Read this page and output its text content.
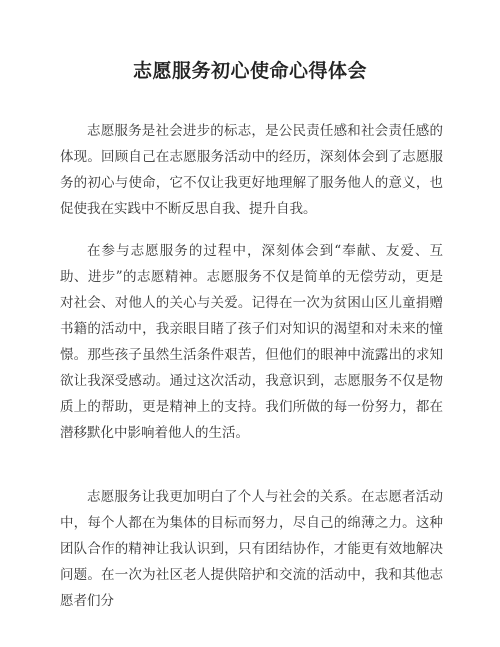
志愿服务初心使命心得体会

志愿服务是社会进步的标志，是公民责任感和社会责任感的体现。回顾自己在志愿服务活动中的经历，深刻体会到了志愿服务的初心与使命，它不仅让我更好地理解了服务他人的意义，也促使我在实践中不断反思自我、提升自我。

在参与志愿服务的过程中，深刻体会到“奉献、友爱、互助、进步”的志愿精神。志愿服务不仅是简单的无偿劳动，更是对社会、对他人的关心与关爱。记得在一次为贫困山区儿童捐赠书籍的活动中，我亲眼目睹了孩子们对知识的渴望和对未来的憧憬。那些孩子虽然生活条件艰苦，但他们的眼神中流露出的求知欲让我深受感动。通过这次活动，我意识到，志愿服务不仅是物质上的帮助，更是精神上的支持。我们所做的每一份努力，都在潜移默化中影响着他人的生活。

志愿服务让我更加明白了个人与社会的关系。在志愿者活动中，每个人都在为集体的目标而努力，尽自己的绵薄之力。这种团队合作的精神让我认识到，只有团结协作，才能更有效地解决问题。在一次为社区老人提供陪护和交流的活动中，我和其他志愿者们分
